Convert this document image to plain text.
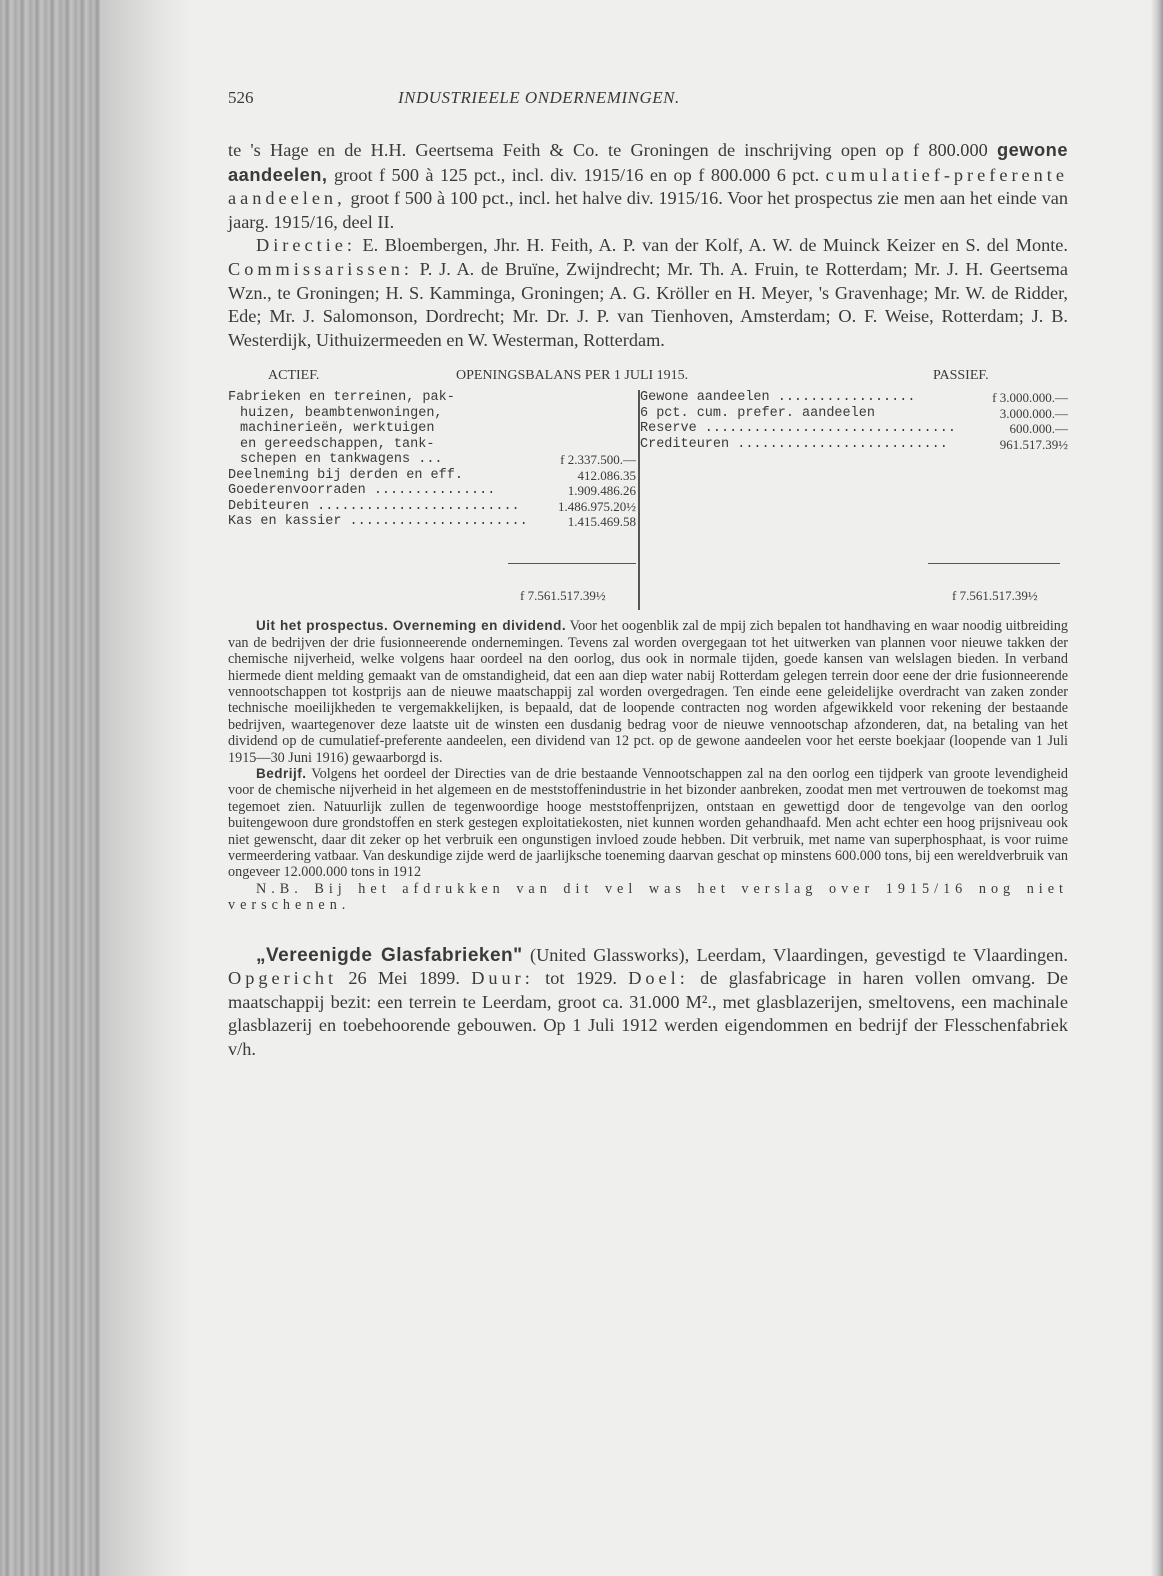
526	INDUSTRIEELE ONDERNEMINGEN.

te 's Hage en de H.H. Geertsema Feith & Co. te Groningen de inschrijving open op f 800.000 gewone aandeelen, groot f 500 à 125 pct., incl. div. 1915/16 en op f 800.000 6 pct. cumulatief-preferente aandeelen, groot f 500 à 100 pct., incl. het halve div. 1915/16. Voor het prospectus zie men aan het einde van jaarg. 1915/16, deel II.

Directie: E. Bloembergen, Jhr. H. Feith, A. P. van der Kolf, A. W. de Muinck Keizer en S. del Monte. Commissarissen: P. J. A. de Bruïne, Zwijndrecht; Mr. Th. A. Fruin, te Rotterdam; Mr. J. H. Geertsema Wzn., te Groningen; H. S. Kamminga, Groningen; A. G. Kröller en H. Meyer, 's Gravenhage; Mr. W. de Ridder, Ede; Mr. J. Salomonson, Dordrecht; Mr. Dr. J. P. van Tienhoven, Amsterdam; O. F. Weise, Rotterdam; J. B. Westerdijk, Uithuizermeeden en W. Westerman, Rotterdam.

ACTIEF.	OPENINGSBALANS PER 1 JULI 1915.	PASSIEF.
Fabrieken en terreinen, pak-
huizen, beambtenwoningen,
machinerieën, werktuigen
en gereedschappen, tank-
schepen en tankwagens ...	f 2.337.500.—
Deelneming bij derden en eff.	412.086.35
Goederenvoorraden ...............	1.909.486.26
Debiteuren .........................	1.486.975.20½
Kas en kassier ......................	1.415.469.58
f 7.561.517.39½
Gewone aandeelen .................	f 3.000.000.—
6 pct. cum. prefer. aandeelen	3.000.000.—
Reserve ...............................	600.000.—
Crediteuren ..........................	961.517.39½
f 7.561.517.39½

Uit het prospectus. Overneming en dividend. Voor het oogenblik zal de mpij zich bepalen tot handhaving en waar noodig uitbreiding van de bedrijven der drie fusionneerende ondernemingen. Tevens zal worden overgegaan tot het uitwerken van plannen voor nieuwe takken der chemische nijverheid, welke volgens haar oordeel na den oorlog, dus ook in normale tijden, goede kansen van welslagen bieden. In verband hiermede dient melding gemaakt van de omstandigheid, dat een aan diep water nabij Rotterdam gelegen terrein door eene der drie fusionneerende vennootschappen tot kostprijs aan de nieuwe maatschappij zal worden overgedragen. Ten einde eene geleidelijke overdracht van zaken zonder technische moeilijkheden te vergemakkelijken, is bepaald, dat de loopende contracten nog worden afgewikkeld voor rekening der bestaande bedrijven, waartegenover deze laatste uit de winsten een dusdanig bedrag voor de nieuwe vennootschap afzonderen, dat, na betaling van het dividend op de cumulatief-preferente aandeelen, een dividend van 12 pct. op de gewone aandeelen voor het eerste boekjaar (loopende van 1 Juli 1915—30 Juni 1916) gewaarborgd is.

Bedrijf. Volgens het oordeel der Directies van de drie bestaande Vennootschappen zal na den oorlog een tijdperk van groote levendigheid voor de chemische nijverheid in het algemeen en de meststoffenindustrie in het bizonder aanbreken, zoodat men met vertrouwen de toekomst mag tegemoet zien. Natuurlijk zullen de tegenwoordige hooge meststoffenprijzen, ontstaan en gewettigd door de tengevolge van den oorlog buitengewoon dure grondstoffen en sterk gestegen exploitatiekosten, niet kunnen worden gehandhaafd. Men acht echter een hoog prijsniveau ook niet gewenscht, daar dit zeker op het verbruik een ongunstigen invloed zoude hebben. Dit verbruik, met name van superphosphaat, is voor ruime vermeerdering vatbaar. Van deskundige zijde werd de jaarlijksche toeneming daarvan geschat op minstens 600.000 tons, bij een wereldverbruik van ongeveer 12.000.000 tons in 1912

N.B. Bij het afdrukken van dit vel was het verslag over 1915/16 nog niet verschenen.

„Vereenigde Glasfabrieken" (United Glassworks), Leerdam, Vlaardingen, gevestigd te Vlaardingen. Opgericht 26 Mei 1899. Duur: tot 1929. Doel: de glasfabricage in haren vollen omvang. De maatschappij bezit: een terrein te Leerdam, groot ca. 31.000 M²., met glasblazerijen, smeltovens, een machinale glasblazerij en toebehoorende gebouwen. Op 1 Juli 1912 werden eigendommen en bedrijf der Flesschenfabriek v/h.
